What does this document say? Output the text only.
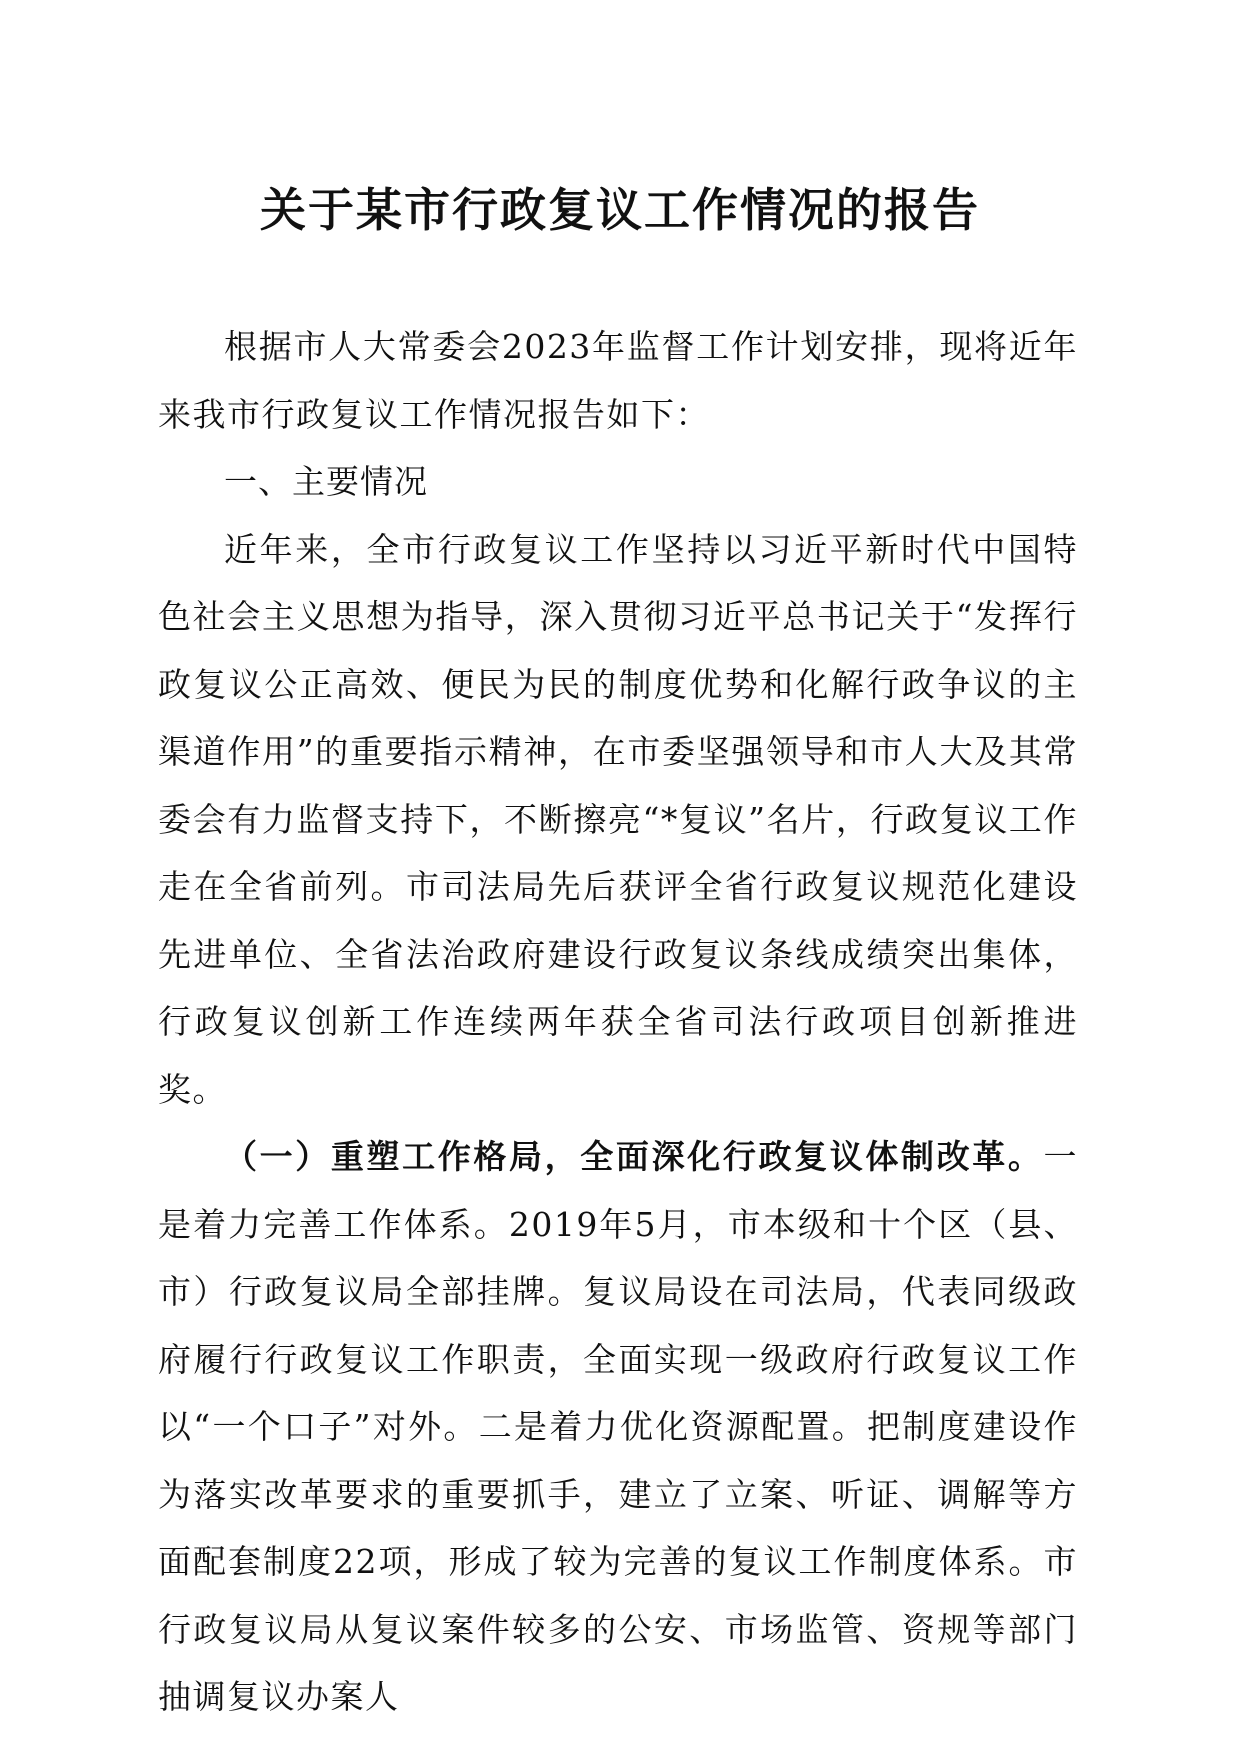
关于某市行政复议工作情况的报告

根据市人大常委会2023年监督工作计划安排，现将近年来我市行政复议工作情况报告如下：

一、主要情况

近年来，全市行政复议工作坚持以习近平新时代中国特色社会主义思想为指导，深入贯彻习近平总书记关于“发挥行政复议公正高效、便民为民的制度优势和化解行政争议的主渠道作用”的重要指示精神，在市委坚强领导和市人大及其常委会有力监督支持下，不断擦亮“*复议”名片，行政复议工作走在全省前列。市司法局先后获评全省行政复议规范化建设先进单位、全省法治政府建设行政复议条线成绩突出集体，行政复议创新工作连续两年获全省司法行政项目创新推进奖。

（一）重塑工作格局，全面深化行政复议体制改革。一是着力完善工作体系。2019年5月，市本级和十个区（县、市）行政复议局全部挂牌。复议局设在司法局，代表同级政府履行行政复议工作职责，全面实现一级政府行政复议工作以“一个口子”对外。二是着力优化资源配置。把制度建设作为落实改革要求的重要抓手，建立了立案、听证、调解等方面配套制度22项，形成了较为完善的复议工作制度体系。市行政复议局从复议案件较多的公安、市场监管、资规等部门抽调复议办案人
